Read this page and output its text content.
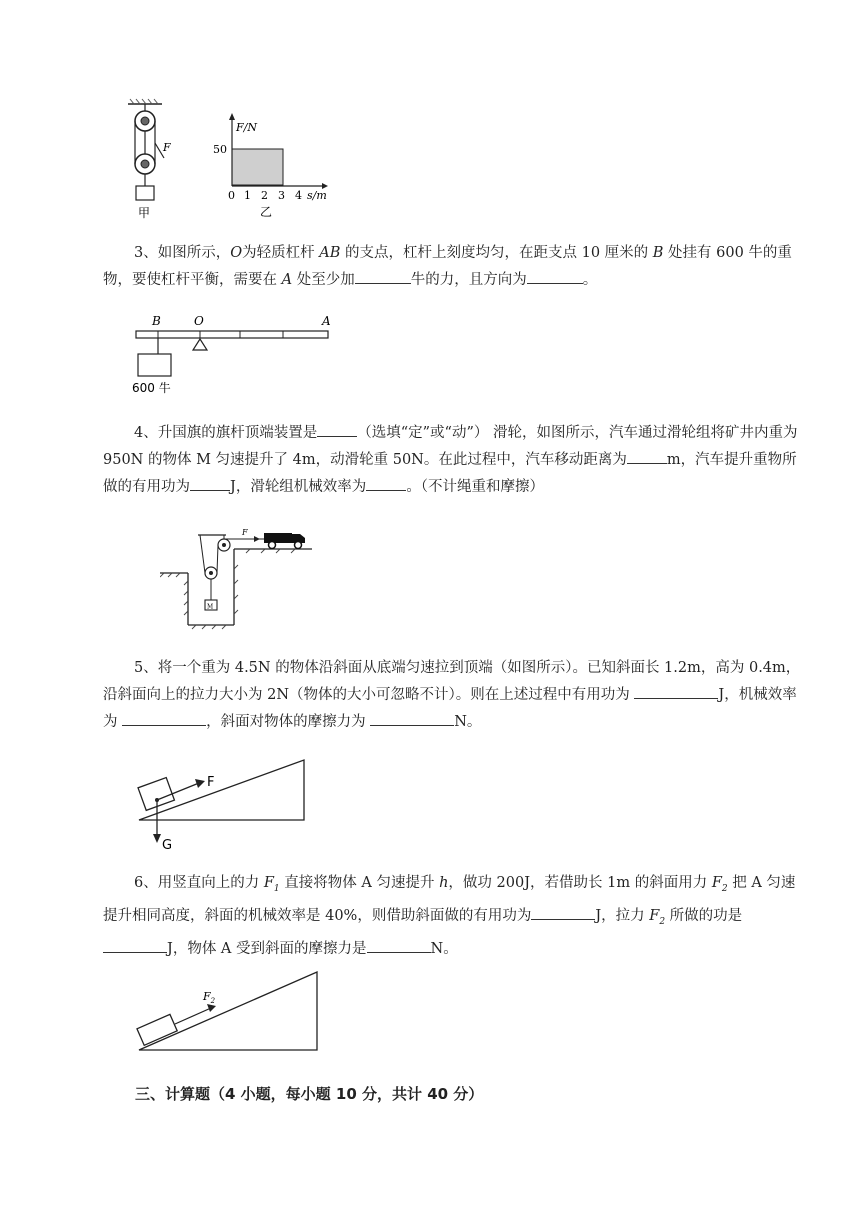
F
甲
F/N
50
0 1 2 3 4 s/m
乙

3、如图所示，O为轻质杠杆 AB 的支点，杠杆上刻度均匀，在距支点 10 厘米的 B 处挂有 600 牛的重物，要使杠杆平衡，需要在 A 处至少加	牛的力，且方向为	。

B	O	A
600 牛

4、升国旗的旗杆顶端装置是	（选填“定”或“动”） 滑轮，如图所示，汽车通过滑轮组将矿井内重为 950N 的物体 M 匀速提升了 4m，动滑轮重 50N。在此过程中，汽车移动距离为	m，汽车提升重物所做的有用功为	J，滑轮组机械效率为	。（不计绳重和摩擦）

M
F

5、将一个重为 4.5N 的物体沿斜面从底端匀速拉到顶端（如图所示）。已知斜面长 1.2m，高为 0.4m，沿斜面向上的拉力大小为 2N（物体的大小可忽略不计）。则在上述过程中有用功为	J，机械效率为	，斜面对物体的摩擦力为	N。

F
G

6、用竖直向上的力 $F_1$ 直接将物体 A 匀速提升 h，做功 200J，若借助长 1m 的斜面用力 $F_2$ 把 A 匀速提升相同高度，斜面的机械效率是 40%，则借助斜面做的有用功为	J，拉力 $F_2$ 所做的功是J，物体 A 受到斜面的摩擦力是	N。

$F_2$
三、计算题（4 小题，每小题 10 分，共计 40 分）
